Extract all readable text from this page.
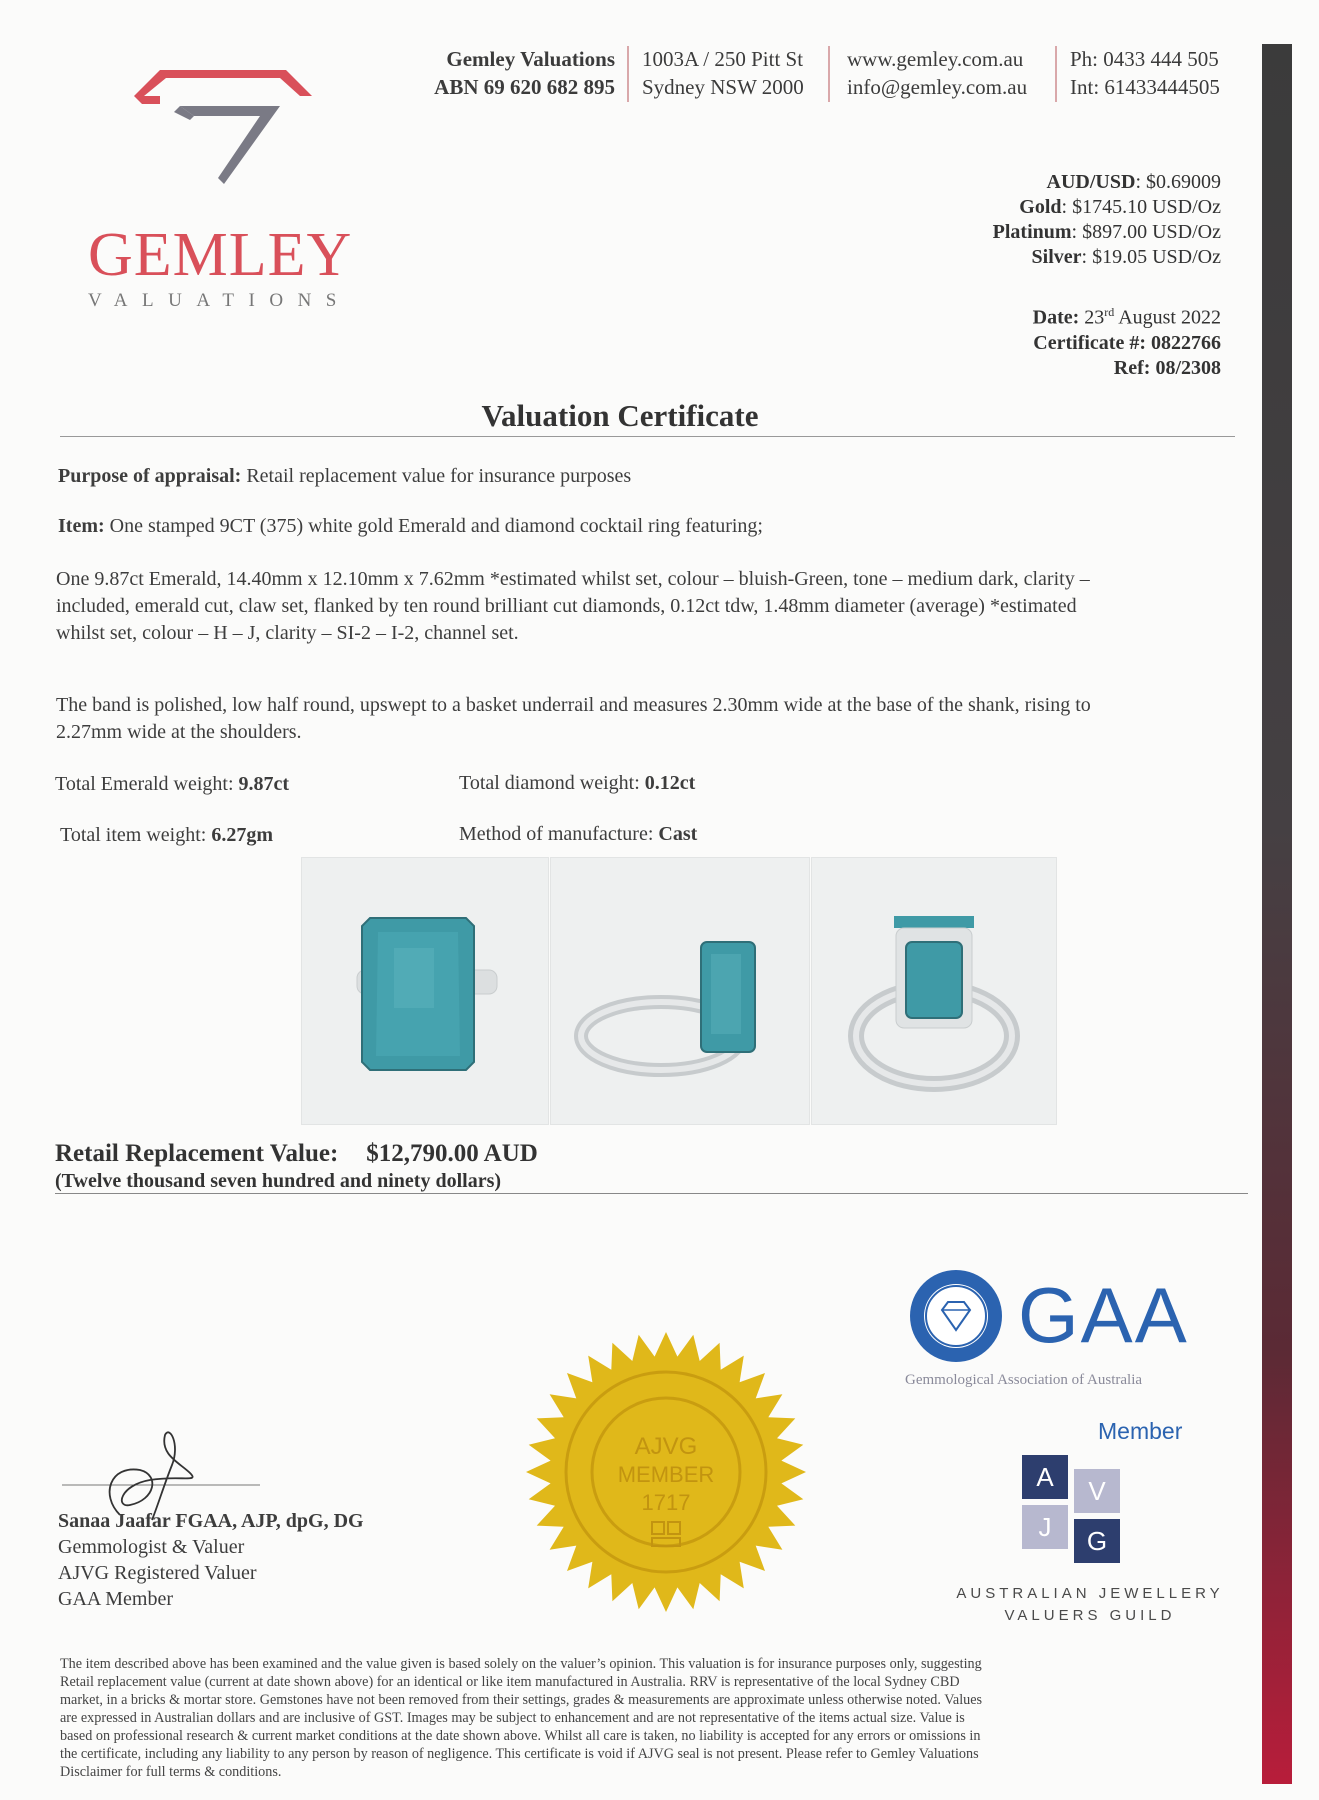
GEMLEY
VALUATIONS
Gemley Valuations
ABN 69 620 682 895
1003A / 250 Pitt St
Sydney NSW 2000
www.gemley.com.au
info@gemley.com.au
Ph: 0433 444 505
Int: 61433444505
AUD/USD: $0.69009
Gold: $1745.10 USD/Oz
Platinum: $897.00 USD/Oz
Silver: $19.05 USD/Oz
Date: 23rd August 2022
Certificate #: 0822766
Ref: 08/2308
Valuation Certificate
Purpose of appraisal: Retail replacement value for insurance purposes
Item: One stamped 9CT (375) white gold Emerald and diamond cocktail ring featuring;
One 9.87ct Emerald, 14.40mm x 12.10mm x 7.62mm *estimated whilst set, colour – bluish-Green, tone – medium dark, clarity –
included, emerald cut, claw set, flanked by ten round brilliant cut diamonds, 0.12ct tdw, 1.48mm diameter (average) *estimated
whilst set, colour – H – J, clarity – SI-2 – I-2, channel set.
The band is polished, low half round, upswept to a basket underrail and measures 2.30mm wide at the base of the shank, rising to
2.27mm wide at the shoulders.
Total Emerald weight: 9.87ct	Total diamond weight: 0.12ct
Total item weight: 6.27gm	Method of manufacture: Cast
Retail Replacement Value: $12,790.00 AUD
(Twelve thousand seven hundred and ninety dollars)
GAA
Gemmological Association of Australia
Member
A	V
J	G
AUSTRALIAN JEWELLERY
VALUERS GUILD
AJVG
MEMBER
1717
Sanaa Jaafar FGAA, AJP, dpG, DG
Gemmologist & Valuer
AJVG Registered Valuer
GAA Member
The item described above has been examined and the value given is based solely on the valuer’s opinion. This valuation is for insurance purposes only, suggesting
Retail replacement value (current at date shown above) for an identical or like item manufactured in Australia. RRV is representative of the local Sydney CBD
market, in a bricks & mortar store. Gemstones have not been removed from their settings, grades & measurements are approximate unless otherwise noted. Values
are expressed in Australian dollars and are inclusive of GST. Images may be subject to enhancement and are not representative of the items actual size. Value is
based on professional research & current market conditions at the date shown above. Whilst all care is taken, no liability is accepted for any errors or omissions in
the certificate, including any liability to any person by reason of negligence. This certificate is void if AJVG seal is not present. Please refer to Gemley Valuations
Disclaimer for full terms & conditions.
